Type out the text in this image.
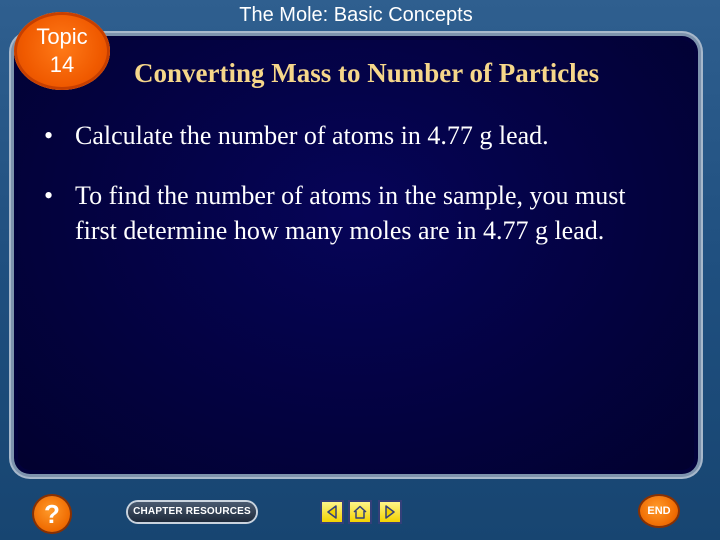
The Mole: Basic Concepts
Topic
14 Converting Mass to Number of Particles
• Calculate the number of atoms in 4.77 g lead.
• To find the number of atoms in the sample, you must first determine how many moles are in 4.77 g lead.
?	CHAPTER RESOURCES	END
